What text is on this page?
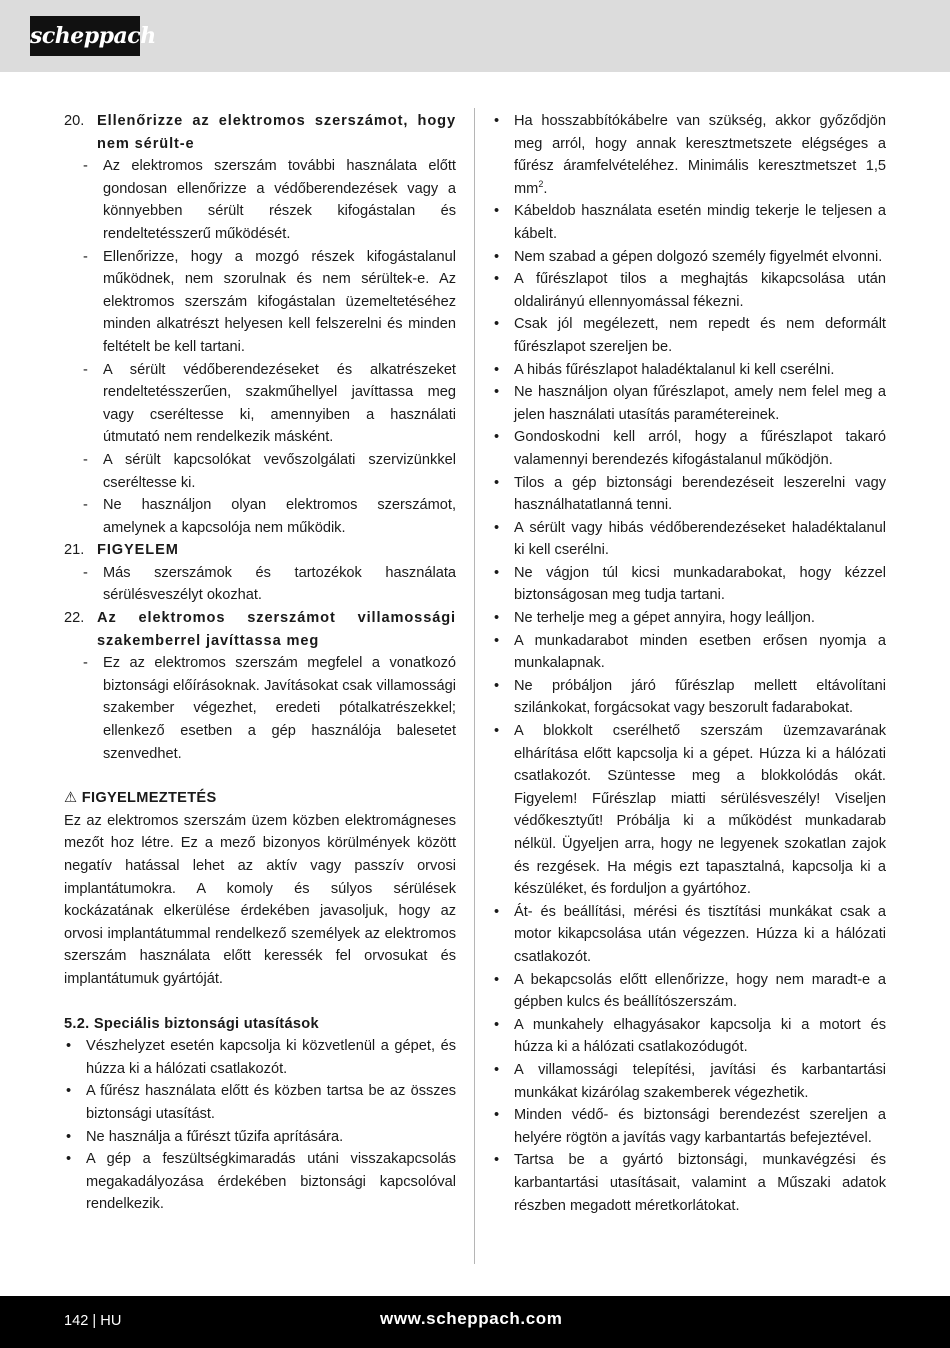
scheppach
20. Ellenőrizze az elektromos szerszámot, hogy nem sérült-e
- Az elektromos szerszám további használata előtt gondosan ellenőrizze a védőberendezések vagy a könnyebben sérült részek kifogástalan és rendeltetésszerű működését.
- Ellenőrizze, hogy a mozgó részek kifogástalanul működnek, nem szorulnak és nem sérültek-e. Az elektromos szerszám kifogástalan üzemeltetéséhez minden alkatrészt helyesen kell felszerelni és minden feltételt be kell tartani.
- A sérült védőberendezéseket és alkatrészeket rendeltetésszerűen, szakműhellyel javíttassa meg vagy cseréltesse ki, amennyiben a használati útmutató nem rendelkezik másként.
- A sérült kapcsolókat vevőszolgálati szervizünkkel cseréltesse ki.
- Ne használjon olyan elektromos szerszámot, amelynek a kapcsolója nem működik.
21. FIGYELEM
- Más szerszámok és tartozékok használata sérülésveszélyt okozhat.
22. Az elektromos szerszámot villamossági szakemberrel javíttassa meg
- Ez az elektromos szerszám megfelel a vonatkozó biztonsági előírásoknak. Javításokat csak villamossági szakember végezhet, eredeti pótalkatrészekkel; ellenkező esetben a gép használója balesetet szenvedhet.
⚠ FIGYELMEZTETÉS
Ez az elektromos szerszám üzem közben elektromágneses mezőt hoz létre. Ez a mező bizonyos körülmények között negatív hatással lehet az aktív vagy passzív orvosi implantátumokra. A komoly és súlyos sérülések kockázatának elkerülése érdekében javasoljuk, hogy az orvosi implantátummal rendelkező személyek az elektromos szerszám használata előtt keressék fel orvosukat és implantátumuk gyártóját.
5.2. Speciális biztonsági utasítások
• Vészhelyzet esetén kapcsolja ki közvetlenül a gépet, és húzza ki a hálózati csatlakozót.
• A fűrész használata előtt és közben tartsa be az összes biztonsági utasítást.
• Ne használja a fűrészt tűzifa aprítására.
• A gép a feszültségkimaradás utáni visszakapcsolás megakadályozása érdekében biztonsági kapcsolóval rendelkezik.
• Ha hosszabbítókábelre van szükség, akkor győződjön meg arról, hogy annak keresztmetszete elégséges a fűrész áramfelvételéhez. Minimális keresztmetszet 1,5 $mm^2$.
• Kábeldob használata esetén mindig tekerje le teljesen a kábelt.
• Nem szabad a gépen dolgozó személy figyelmét elvonni.
• A fűrészlapot tilos a meghajtás kikapcsolása után oldalirányú ellennyomással fékezni.
• Csak jól megélezett, nem repedt és nem deformált fűrészlapot szereljen be.
• A hibás fűrészlapot haladéktalanul ki kell cserélni.
• Ne használjon olyan fűrészlapot, amely nem felel meg a jelen használati utasítás paramétereinek.
• Gondoskodni kell arról, hogy a fűrészlapot takaró valamennyi berendezés kifogástalanul működjön.
• Tilos a gép biztonsági berendezéseit leszerelni vagy használhatatlanná tenni.
• A sérült vagy hibás védőberendezéseket haladéktalanul ki kell cserélni.
• Ne vágjon túl kicsi munkadarabokat, hogy kézzel biztonságosan meg tudja tartani.
• Ne terhelje meg a gépet annyira, hogy leálljon.
• A munkadarabot minden esetben erősen nyomja a munkalapnak.
• Ne próbáljon járó fűrészlap mellett eltávolítani szilánkokat, forgácsokat vagy beszorult fadarabokat.
• A blokkolt cserélhető szerszám üzemzavarának elhárítása előtt kapcsolja ki a gépet. Húzza ki a hálózati csatlakozót. Szüntesse meg a blokkolódás okát. Figyelem! Fűrészlap miatti sérülésveszély! Viseljen védőkesztyűt! Próbálja ki a működést munkadarab nélkül. Ügyeljen arra, hogy ne legyenek szokatlan zajok és rezgések. Ha mégis ezt tapasztalná, kapcsolja ki a készüléket, és forduljon a gyártóhoz.
• Át- és beállítási, mérési és tisztítási munkákat csak a motor kikapcsolása után végezzen. Húzza ki a hálózati csatlakozót.
• A bekapcsolás előtt ellenőrizze, hogy nem maradt-e a gépben kulcs és beállítószerszám.
• A munkahely elhagyásakor kapcsolja ki a motort és húzza ki a hálózati csatlakozódugót.
• A villamossági telepítési, javítási és karbantartási munkákat kizárólag szakemberek végezhetik.
• Minden védő- és biztonsági berendezést szereljen a helyére rögtön a javítás vagy karbantartás befejeztével.
• Tartsa be a gyártó biztonsági, munkavégzési és karbantartási utasításait, valamint a Műszaki adatok részben megadott méretkorlátokat.
142 | HU	www.scheppach.com
